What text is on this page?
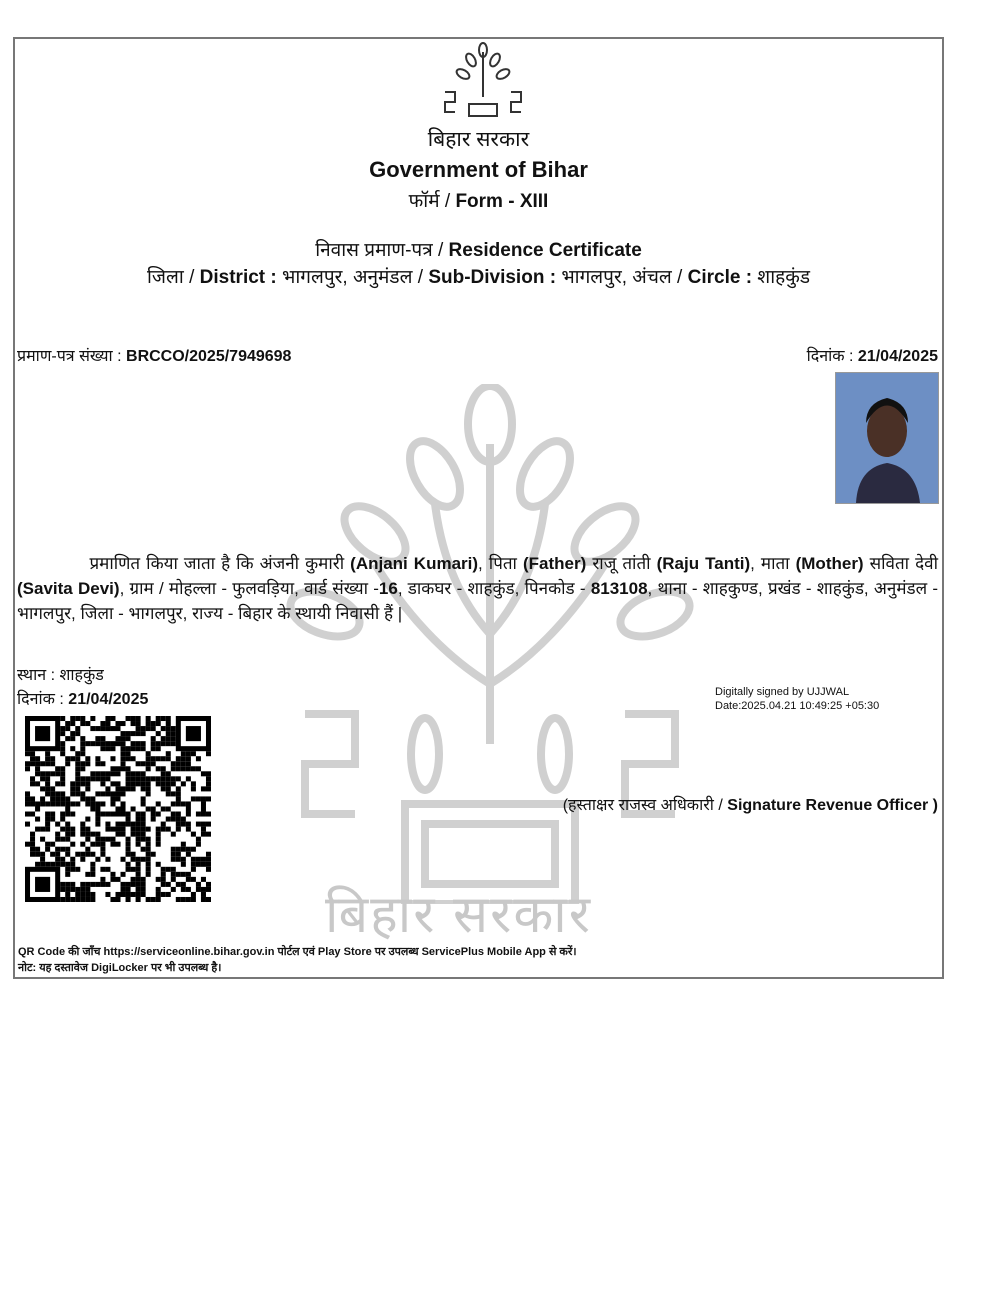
बिहार सरकार
बिहार सरकार
Government of Bihar
फॉर्म / Form - XIII
निवास प्रमाण-पत्र / Residence Certificate
जिला / District : भागलपुर, अनुमंडल / Sub-Division : भागलपुर, अंचल / Circle : शाहकुंड
प्रमाण-पत्र संख्या : BRCCO/2025/7949698	दिनांक : 21/04/2025
प्रमाणित किया जाता है कि अंजनी कुमारी (Anjani Kumari), पिता (Father) राजू तांती (Raju Tanti), माता (Mother) सविता देवी (Savita Devi), ग्राम / मोहल्ला - फुलवड़िया, वार्ड संख्या -16, डाकघर - शाहकुंड, पिनकोड - 813108, थाना - शाहकुण्ड, प्रखंड - शाहकुंड, अनुमंडल - भागलपुर, जिला - भागलपुर, राज्य - बिहार के स्थायी निवासी हैं |
स्थान : शाहकुंड
दिनांक : 21/04/2025	Digitally signed by UJJWAL
Date:2025.04.21 10:49:25 +05:30
(हस्ताक्षर राजस्व अधिकारी / Signature Revenue Officer )
QR Code की जाँच https://serviceonline.bihar.gov.in पोर्टल एवं Play Store पर उपलब्ध ServicePlus Mobile App से करें।
नोट: यह दस्तावेज DigiLocker पर भी उपलब्ध है।
